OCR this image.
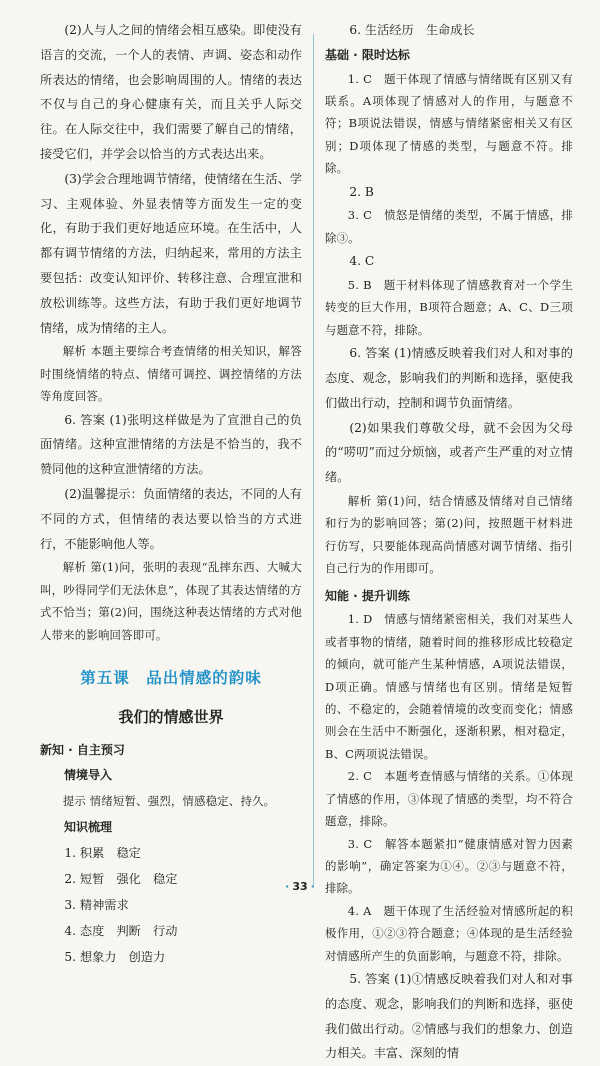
(2)人与人之间的情绪会相互感染。即使没有语言的交流，一个人的表情、声调、姿态和动作所表达的情绪，也会影响周围的人。情绪的表达不仅与自己的身心健康有关，而且关乎人际交往。在人际交往中，我们需要了解自己的情绪，接受它们，并学会以恰当的方式表达出来。

(3)学会合理地调节情绪，使情绪在生活、学习、主观体验、外显表情等方面发生一定的变化，有助于我们更好地适应环境。在生活中，人都有调节情绪的方法，归纳起来，常用的方法主要包括：改变认知评价、转移注意、合理宣泄和放松训练等。这些方法，有助于我们更好地调节情绪，成为情绪的主人。

解析 本题主要综合考查情绪的相关知识，解答时围绕情绪的特点、情绪可调控、调控情绪的方法等角度回答。

6. 答案 (1)张明这样做是为了宣泄自己的负面情绪。这种宣泄情绪的方法是不恰当的，我不赞同他的这种宣泄情绪的方法。

(2)温馨提示：负面情绪的表达，不同的人有不同的方式，但情绪的表达要以恰当的方式进行，不能影响他人等。

解析 第(1)问，张明的表现“乱摔东西、大喊大叫，吵得同学们无法休息”，体现了其表达情绪的方式不恰当；第(2)问，围绕这种表达情绪的方式对他人带来的影响回答即可。

第五课　品出情感的韵味
我们的情感世界

新知 · 自主预习

情境导入

提示 情绪短暂、强烈，情感稳定、持久。

知识梳理

1. 积累　稳定

2. 短暂　强化　稳定

3. 精神需求

4. 态度　判断　行动

5. 想象力　创造力

6. 生活经历　生命成长

基础 · 限时达标

1. C　题干体现了情感与情绪既有区别又有联系。A项体现了情感对人的作用，与题意不符；B项说法错误，情感与情绪紧密相关又有区别；D项体现了情感的类型，与题意不符。排除。

2. B

3. C　愤怒是情绪的类型，不属于情感，排除③。

4. C

5. B　题干材料体现了情感教育对一个学生转变的巨大作用，B项符合题意；A、C、D三项与题意不符，排除。

6. 答案 (1)情感反映着我们对人和对事的态度、观念，影响我们的判断和选择，驱使我们做出行动，控制和调节负面情绪。

(2)如果我们尊敬父母，就不会因为父母的“唠叨”而过分烦恼，或者产生严重的对立情绪。

解析 第(1)问，结合情感及情绪对自己情绪和行为的影响回答；第(2)问，按照题干材料进行仿写，只要能体现高尚情感对调节情绪、指引自己行为的作用即可。

知能 · 提升训练

1. D　情感与情绪紧密相关，我们对某些人或者事物的情绪，随着时间的推移形成比较稳定的倾向，就可能产生某种情感，A项说法错误，D项正确。情感与情绪也有区别。情绪是短暂的、不稳定的，会随着情境的改变而变化；情感则会在生活中不断强化，逐渐积累，相对稳定，B、C两项说法错误。

2. C　本题考查情感与情绪的关系。①体现了情感的作用，③体现了情感的类型，均不符合题意，排除。

3. C　解答本题紧扣“健康情感对智力因素的影响”，确定答案为①④。②③与题意不符，排除。

4. A　题干体现了生活经验对情感所起的积极作用，①②③符合题意；④体现的是生活经验对情感所产生的负面影响，与题意不符，排除。

5. 答案 (1)①情感反映着我们对人和对事的态度、观念，影响我们的判断和选择，驱使我们做出行动。②情感与我们的想象力、创造力相关。丰富、深刻的情

· 33 ·
